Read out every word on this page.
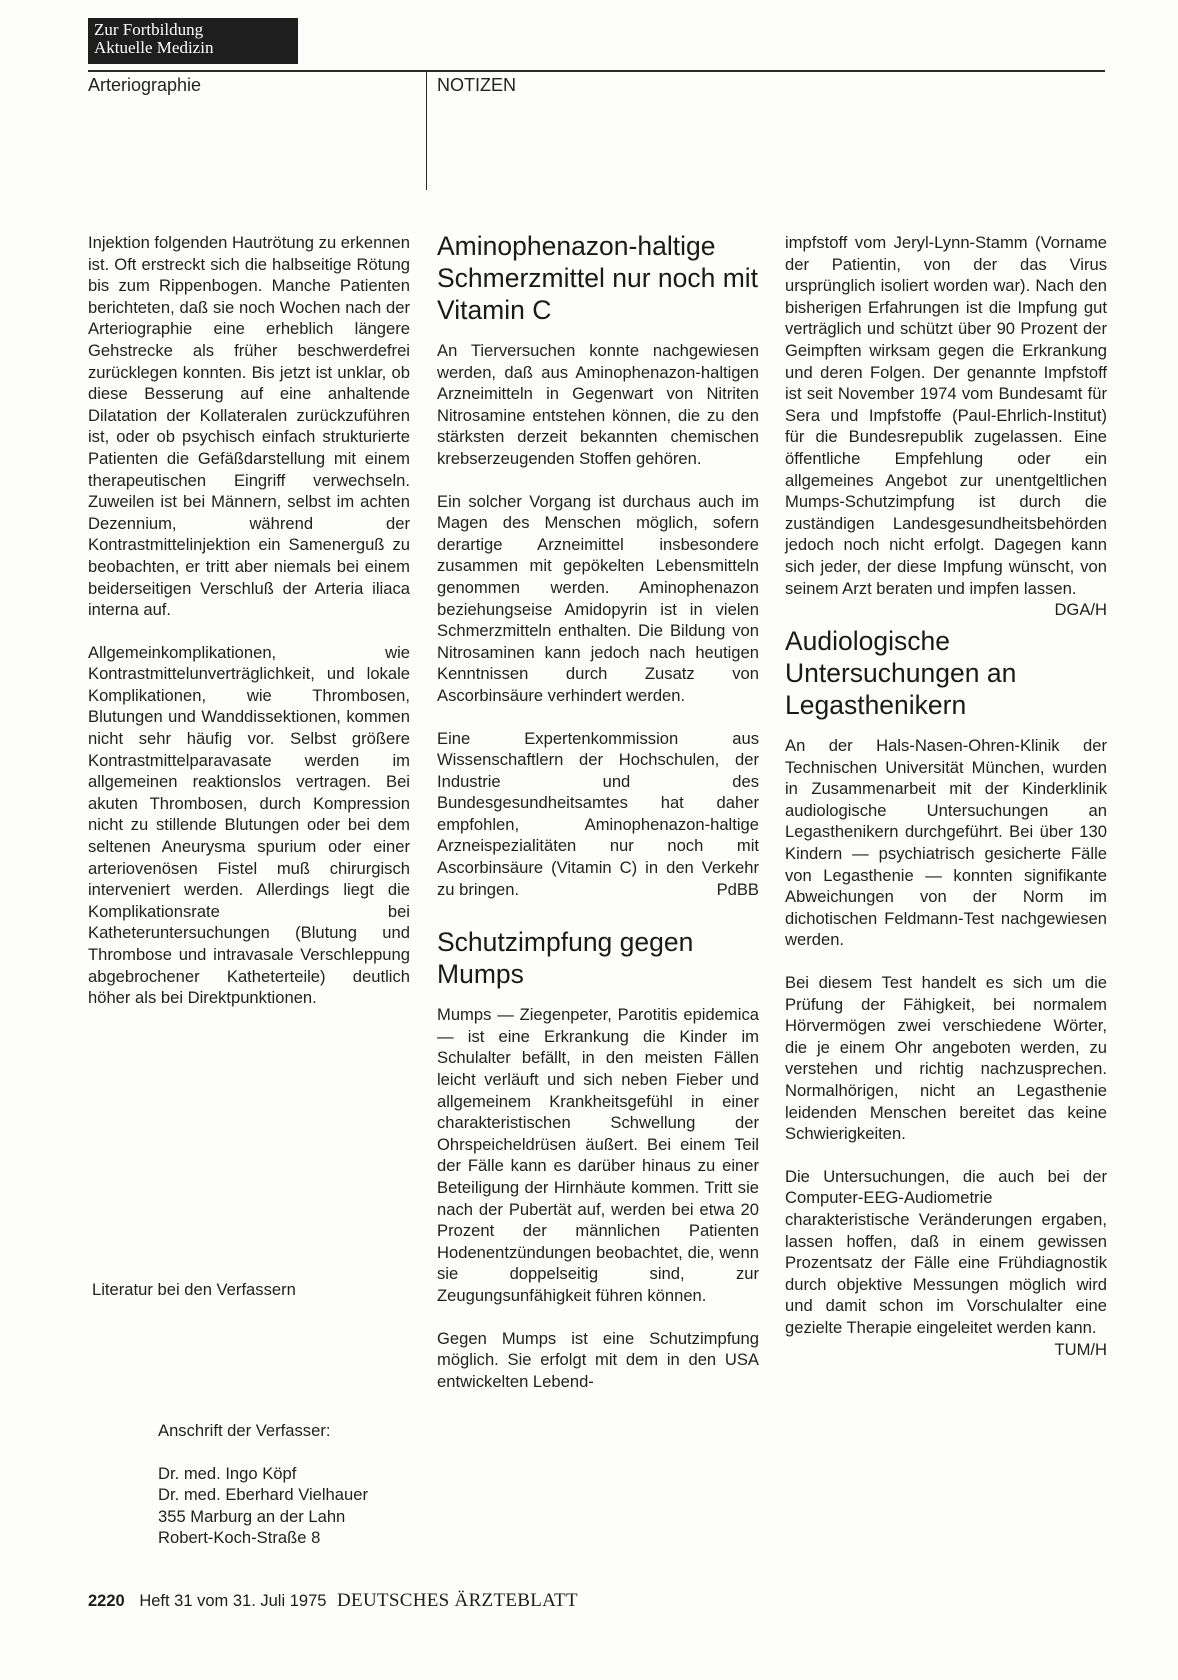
Zur Fortbildung
Aktuelle Medizin
Arteriographie	NOTIZEN

Injektion folgenden Hautrötung zu erkennen ist. Oft erstreckt sich die halbseitige Rötung bis zum Rippenbogen. Manche Patienten berichteten, daß sie noch Wochen nach der Arteriographie eine erheblich längere Gehstrecke als früher beschwerdefrei zurücklegen konnten. Bis jetzt ist unklar, ob diese Besserung auf eine anhaltende Dilatation der Kollateralen zurückzuführen ist, oder ob psychisch einfach strukturierte Patienten die Gefäßdarstellung mit einem therapeutischen Eingriff verwechseln. Zuweilen ist bei Männern, selbst im achten Dezennium, während der Kontrastmittelinjektion ein Samenerguß zu beobachten, er tritt aber niemals bei einem beiderseitigen Verschluß der Arteria iliaca interna auf.

Allgemeinkomplikationen, wie Kontrastmittelunverträglichkeit, und lokale Komplikationen, wie Thrombosen, Blutungen und Wanddissektionen, kommen nicht sehr häufig vor. Selbst größere Kontrastmittelparavasate werden im allgemeinen reaktionslos vertragen. Bei akuten Thrombosen, durch Kompression nicht zu stillende Blutungen oder bei dem seltenen Aneurysma spurium oder einer arteriovenösen Fistel muß chirurgisch interveniert werden. Allerdings liegt die Komplikationsrate bei Katheteruntersuchungen (Blutung und Thrombose und intravasale Verschleppung abgebrochener Katheterteile) deutlich höher als bei Direktpunktionen.

Literatur bei den Verfassern

Anschrift der Verfasser:

Dr. med. Ingo Köpf

Dr. med. Eberhard Vielhauer

355 Marburg an der Lahn

Robert-Koch-Straße 8

Aminophenazon-haltige Schmerzmittel nur noch mit Vitamin C

An Tierversuchen konnte nachgewiesen werden, daß aus Aminophenazon-haltigen Arzneimitteln in Gegenwart von Nitriten Nitrosamine entstehen können, die zu den stärksten derzeit bekannten chemischen krebserzeugenden Stoffen gehören.

Ein solcher Vorgang ist durchaus auch im Magen des Menschen möglich, sofern derartige Arzneimittel insbesondere zusammen mit gepökelten Lebensmitteln genommen werden. Aminophenazon beziehungseise Amidopyrin ist in vielen Schmerzmitteln enthalten. Die Bildung von Nitrosaminen kann jedoch nach heutigen Kenntnissen durch Zusatz von Ascorbinsäure verhindert werden.

Eine Expertenkommission aus Wissenschaftlern der Hochschulen, der Industrie und des Bundesgesundheitsamtes hat daher empfohlen, Aminophenazon-haltige Arzneispezialitäten nur noch mit Ascorbinsäure (Vitamin C) in den Verkehr zu bringen.	PdBB

Schutzimpfung gegen Mumps

Mumps — Ziegenpeter, Parotitis epidemica — ist eine Erkrankung die Kinder im Schulalter befällt, in den meisten Fällen leicht verläuft und sich neben Fieber und allgemeinem Krankheitsgefühl in einer charakteristischen Schwellung der Ohrspeicheldrüsen äußert. Bei einem Teil der Fälle kann es darüber hinaus zu einer Beteiligung der Hirnhäute kommen. Tritt sie nach der Pubertät auf, werden bei etwa 20 Prozent der männlichen Patienten Hodenentzündungen beobachtet, die, wenn sie doppelseitig sind, zur Zeugungsunfähigkeit führen können.

Gegen Mumps ist eine Schutzimpfung möglich. Sie erfolgt mit dem in den USA entwickelten Lebend-

impfstoff vom Jeryl-Lynn-Stamm (Vorname der Patientin, von der das Virus ursprünglich isoliert worden war). Nach den bisherigen Erfahrungen ist die Impfung gut verträglich und schützt über 90 Prozent der Geimpften wirksam gegen die Erkrankung und deren Folgen. Der genannte Impfstoff ist seit November 1974 vom Bundesamt für Sera und Impfstoffe (Paul-Ehrlich-Institut) für die Bundesrepublik zugelassen. Eine öffentliche Empfehlung oder ein allgemeines Angebot zur unentgeltlichen Mumps-Schutzimpfung ist durch die zuständigen Landesgesundheitsbehörden jedoch noch nicht erfolgt. Dagegen kann sich jeder, der diese Impfung wünscht, von seinem Arzt beraten und impfen lassen.
DGA/H

Audiologische Untersuchungen an Legasthenikern

An der Hals-Nasen-Ohren-Klinik der Technischen Universität München, wurden in Zusammenarbeit mit der Kinderklinik audiologische Untersuchungen an Legasthenikern durchgeführt. Bei über 130 Kindern — psychiatrisch gesicherte Fälle von Legasthenie — konnten signifikante Abweichungen von der Norm im dichotischen Feldmann-Test nachgewiesen werden.

Bei diesem Test handelt es sich um die Prüfung der Fähigkeit, bei normalem Hörvermögen zwei verschiedene Wörter, die je einem Ohr angeboten werden, zu verstehen und richtig nachzusprechen. Normalhörigen, nicht an Legasthenie leidenden Menschen bereitet das keine Schwierigkeiten.

Die Untersuchungen, die auch bei der Computer-EEG-Audiometrie charakteristische Veränderungen ergaben, lassen hoffen, daß in einem gewissen Prozentsatz der Fälle eine Frühdiagnostik durch objektive Messungen möglich wird und damit schon im Vorschulalter eine gezielte Therapie eingeleitet werden kann.
TUM/H

2220 Heft 31 vom 31. Juli 1975 DEUTSCHES ÄRZTEBLATT
